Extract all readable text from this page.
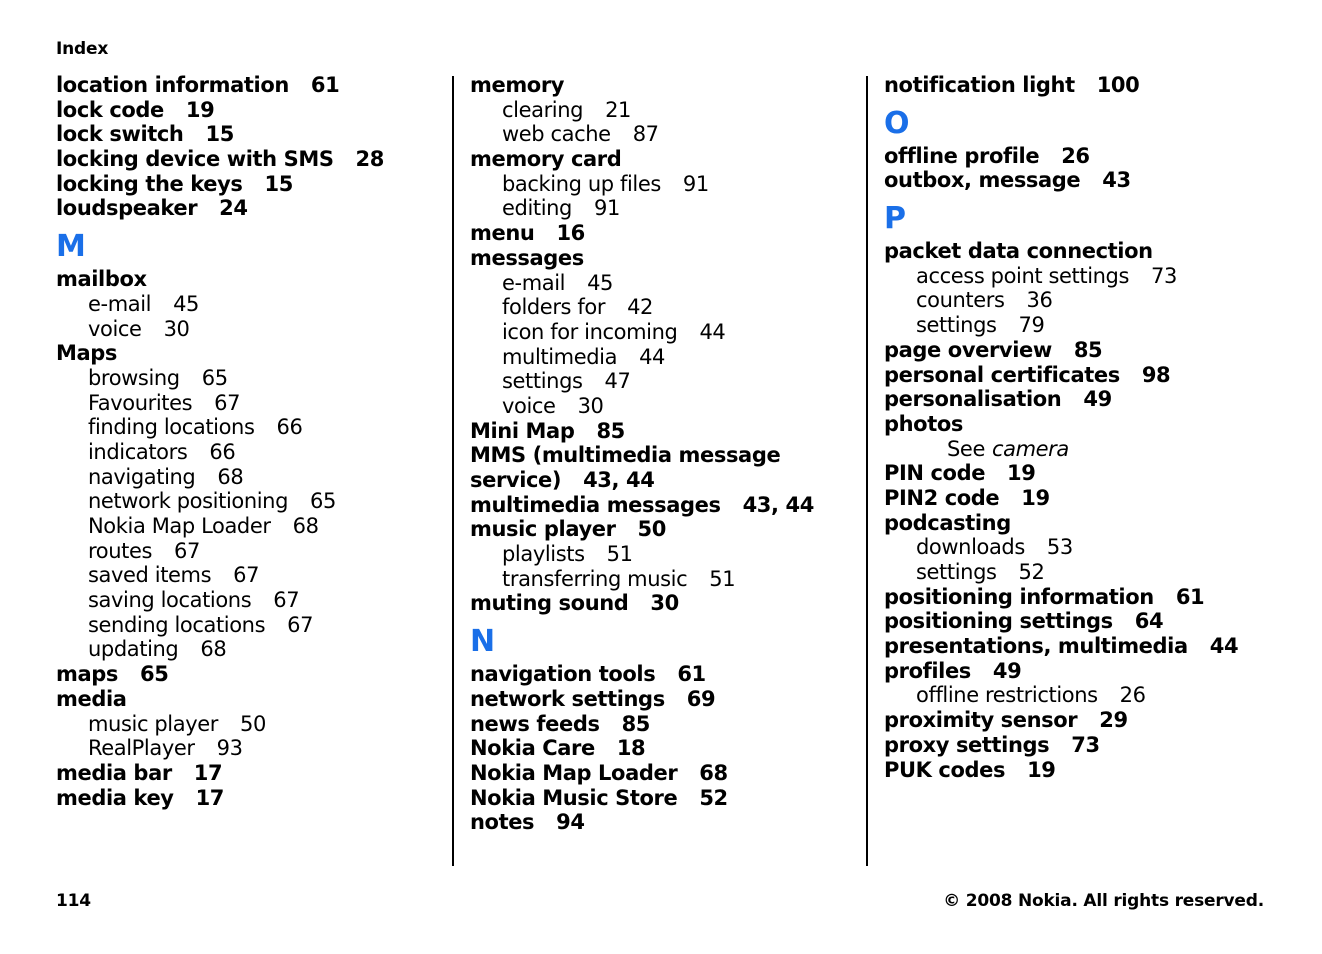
Index
location information 61
lock code 19
lock switch 15
locking device with SMS 28
locking the keys 15
loudspeaker 24
M
mailbox
e-mail 45
voice 30
Maps
browsing 65
Favourites 67
finding locations 66
indicators 66
navigating 68
network positioning 65
Nokia Map Loader 68
routes 67
saved items 67
saving locations 67
sending locations 67
updating 68
maps 65
media
music player 50
RealPlayer 93
media bar 17
media key 17
memory
clearing 21
web cache 87
memory card
backing up files 91
editing 91
menu 16
messages
e-mail 45
folders for 42
icon for incoming 44
multimedia 44
settings 47
voice 30
Mini Map 85
MMS (multimedia message
service) 43, 44
multimedia messages 43, 44
music player 50
playlists 51
transferring music 51
muting sound 30
N
navigation tools 61
network settings 69
news feeds 85
Nokia Care 18
Nokia Map Loader 68
Nokia Music Store 52
notes 94
notification light 100
O
offline profile 26
outbox, message 43
P
packet data connection
access point settings 73
counters 36
settings 79
page overview 85
personal certificates 98
personalisation 49
photos
See camera
PIN code 19
PIN2 code 19
podcasting
downloads 53
settings 52
positioning information 61
positioning settings 64
presentations, multimedia 44
profiles 49
offline restrictions 26
proximity sensor 29
proxy settings 73
PUK codes 19
114	© 2008 Nokia. All rights reserved.
